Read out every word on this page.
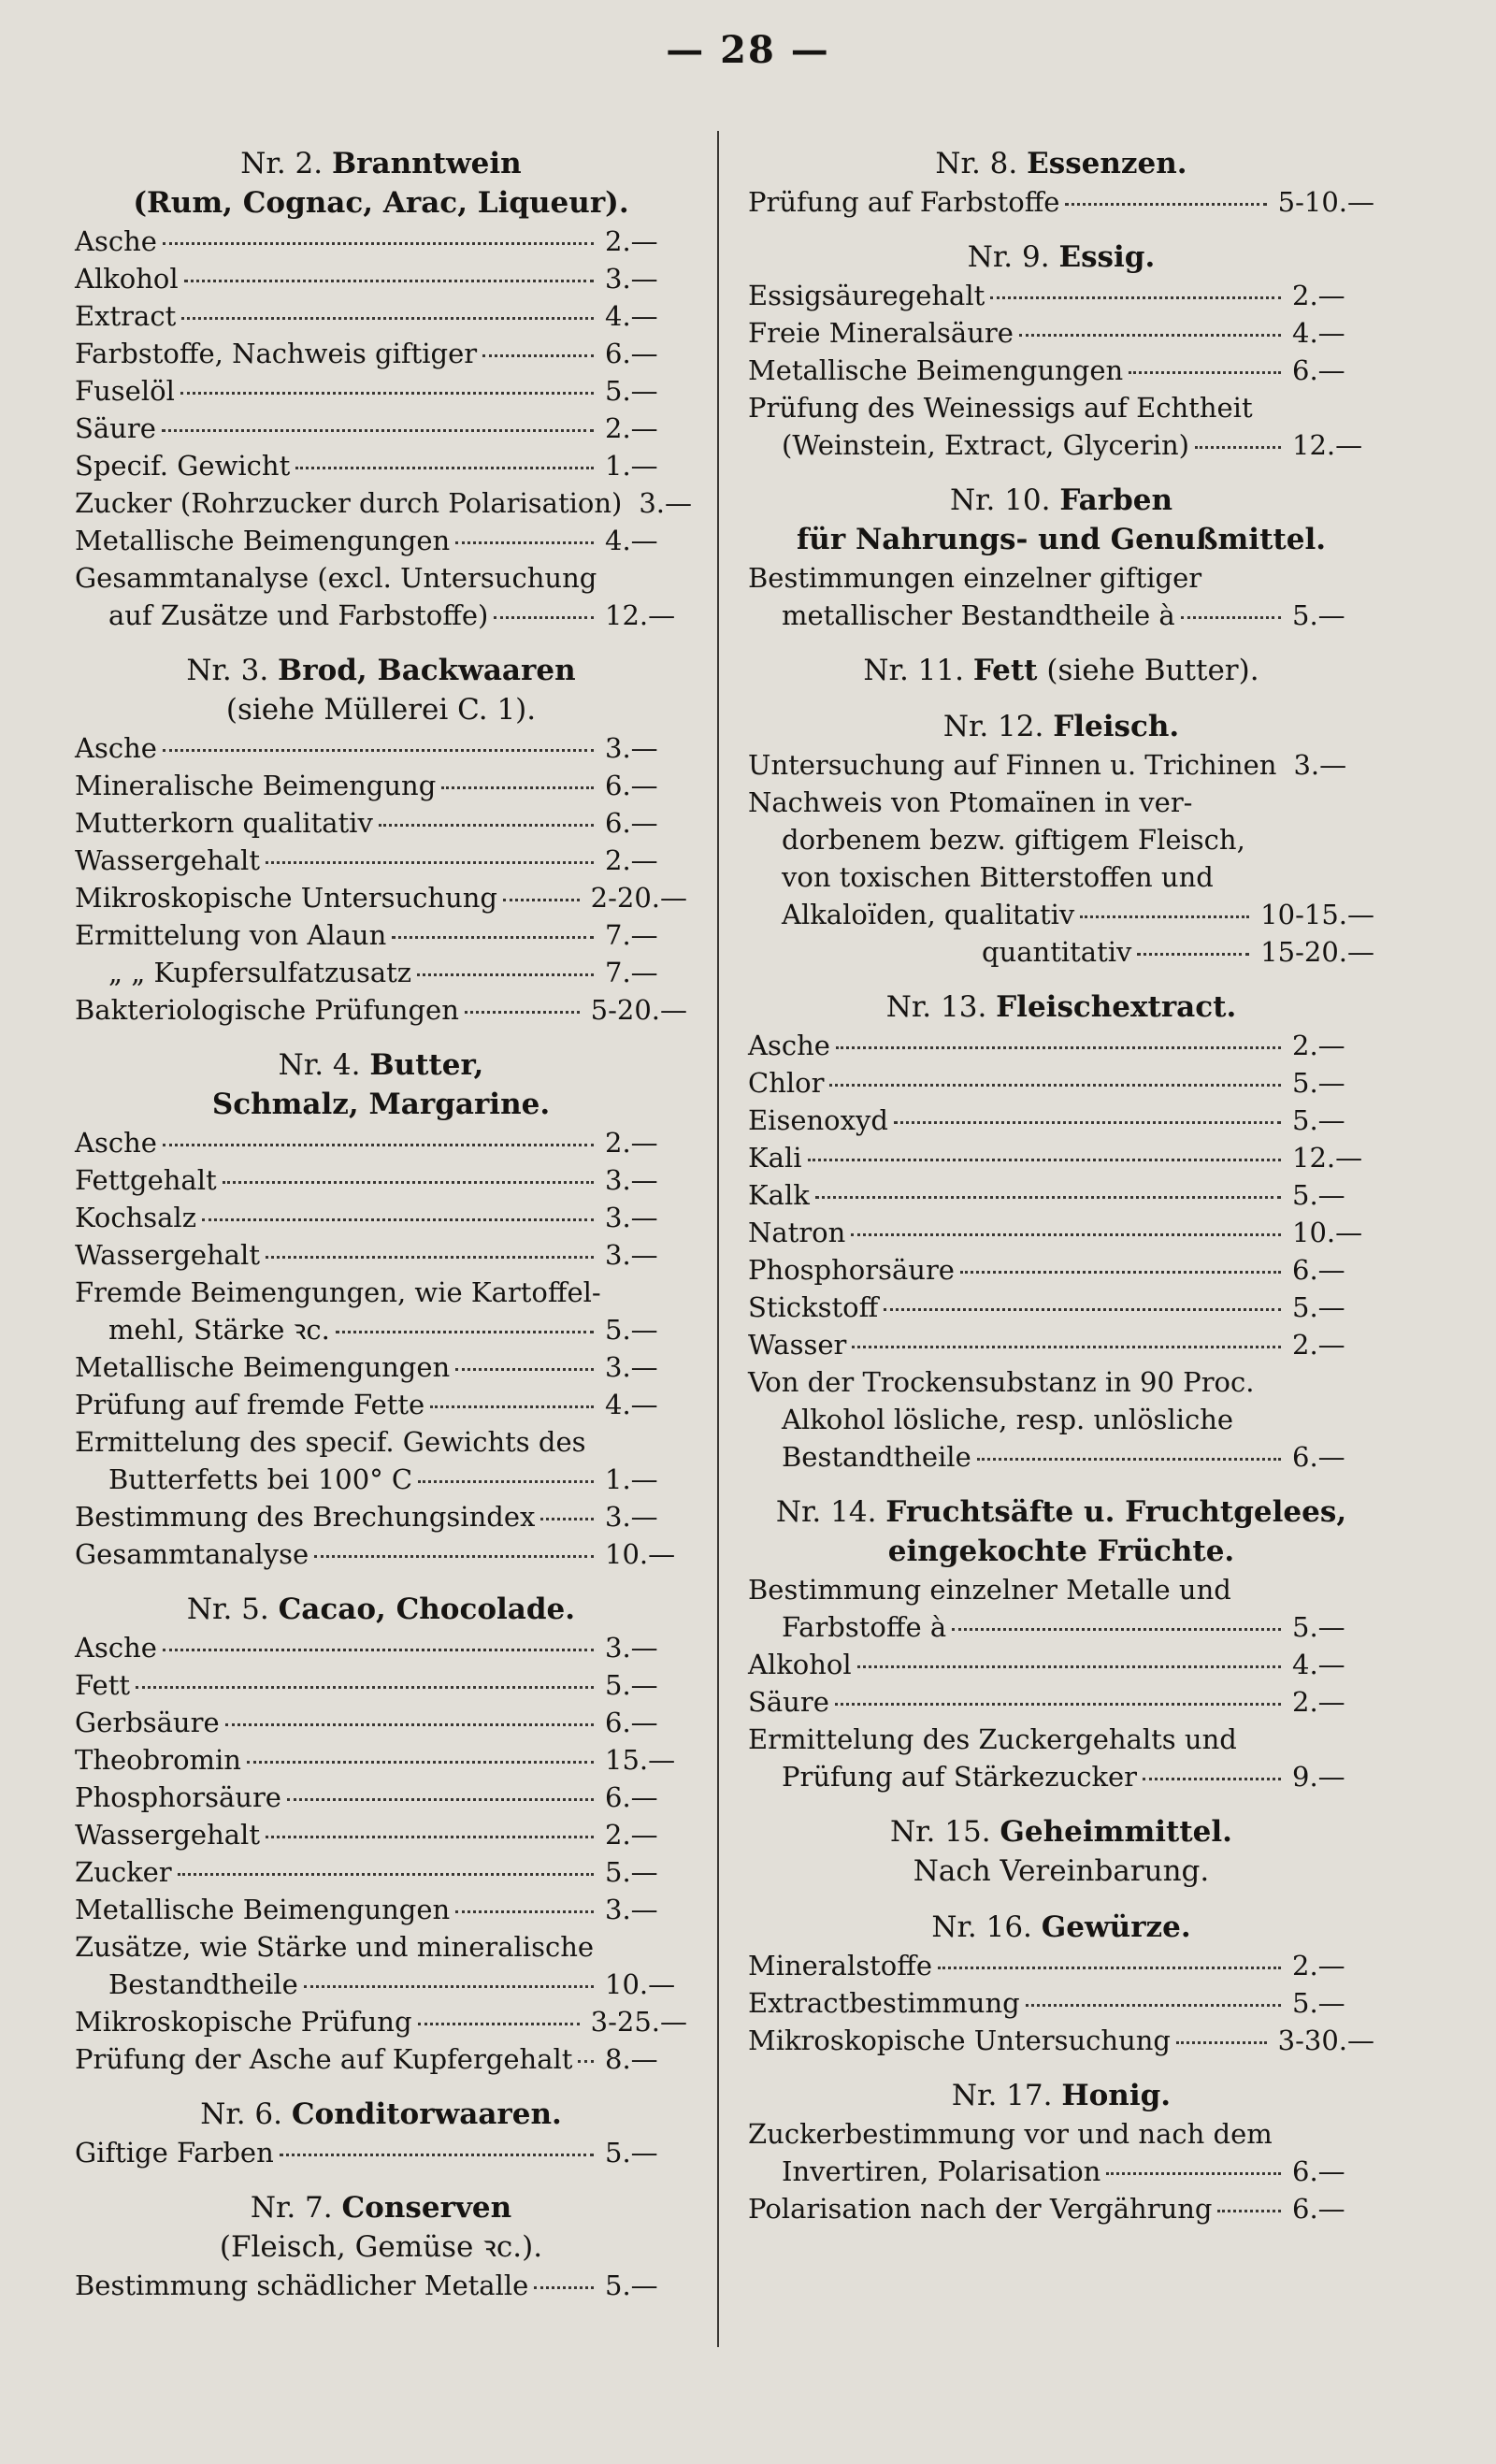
— 28 —
Nr. 2. Branntwein
(Rum, Cognac, Arac, Liqueur).
Asche	2.—
Alkohol	3.—
Extract	4.—
Farbstoffe, Nachweis giftiger	6.—
Fuselöl	5.—
Säure	2.—
Specif. Gewicht	1.—
Zucker (Rohrzucker durch Polarisation) 3.—
Metallische Beimengungen	4.—
Gesammtanalyse (excl. Untersuchung
auf Zusätze und Farbstoffe)	12.—
Nr. 3. Brod, Backwaaren
(siehe Müllerei C. 1).
Asche	3.—
Mineralische Beimengung	6.—
Mutterkorn qualitativ	6.—
Wassergehalt	2.—
Mikroskopische Untersuchung	2-20.—
Ermittelung von Alaun	7.—
„ „ Kupfersulfatzusatz	7.—
Bakteriologische Prüfungen	5-20.—
Nr. 4. Butter,
Schmalz, Margarine.
Asche	2.—
Fettgehalt	3.—
Kochsalz	3.—
Wassergehalt	3.—
Fremde Beimengungen, wie Kartoffel-
mehl, Stärke ꝛc.	5.—
Metallische Beimengungen	3.—
Prüfung auf fremde Fette	4.—
Ermittelung des specif. Gewichts des
Butterfetts bei 100° C	1.—
Bestimmung des Brechungsindex	3.—
Gesammtanalyse	10.—
Nr. 5. Cacao, Chocolade.
Asche	3.—
Fett	5.—
Gerbsäure	6.—
Theobromin	15.—
Phosphorsäure	6.—
Wassergehalt	2.—
Zucker	5.—
Metallische Beimengungen	3.—
Zusätze, wie Stärke und mineralische
Bestandtheile	10.—
Mikroskopische Prüfung	3-25.—
Prüfung der Asche auf Kupfergehalt 8.—
Nr. 6. Conditorwaaren.
Giftige Farben	5.—
Nr. 7. Conserven
(Fleisch, Gemüse ꝛc.).
Bestimmung schädlicher Metalle	5.—
Nr. 8. Essenzen.
Prüfung auf Farbstoffe	5-10.—
Nr. 9. Essig.
Essigsäuregehalt	2.—
Freie Mineralsäure	4.—
Metallische Beimengungen	6.—
Prüfung des Weinessigs auf Echtheit
(Weinstein, Extract, Glycerin)	12.—
Nr. 10. Farben
für Nahrungs- und Genußmittel.
Bestimmungen einzelner giftiger
metallischer Bestandtheile à	5.—
Nr. 11. Fett (siehe Butter).
Nr. 12. Fleisch.
Untersuchung auf Finnen u. Trichinen 3.—
Nachweis von Ptomaïnen in ver-
dorbenem bezw. giftigem Fleisch,
von toxischen Bitterstoffen und
Alkaloïden, qualitativ	10-15.—
quantitativ	15-20.—
Nr. 13. Fleischextract.
Asche	2.—
Chlor	5.—
Eisenoxyd	5.—
Kali	12.—
Kalk	5.—
Natron	10.—
Phosphorsäure	6.—
Stickstoff	5.—
Wasser	2.—
Von der Trockensubstanz in 90 Proc.
Alkohol lösliche, resp. unlösliche
Bestandtheile	6.—
Nr. 14. Fruchtsäfte u. Fruchtgelees,
eingekochte Früchte.
Bestimmung einzelner Metalle und
Farbstoffe à	5.—
Alkohol	4.—
Säure	2.—
Ermittelung des Zuckergehalts und
Prüfung auf Stärkezucker	9.—
Nr. 15. Geheimmittel.
Nach Vereinbarung.
Nr. 16. Gewürze.
Mineralstoffe	2.—
Extractbestimmung	5.—
Mikroskopische Untersuchung	3-30.—
Nr. 17. Honig.
Zuckerbestimmung vor und nach dem
Invertiren, Polarisation	6.—
Polarisation nach der Vergährung	6.—
